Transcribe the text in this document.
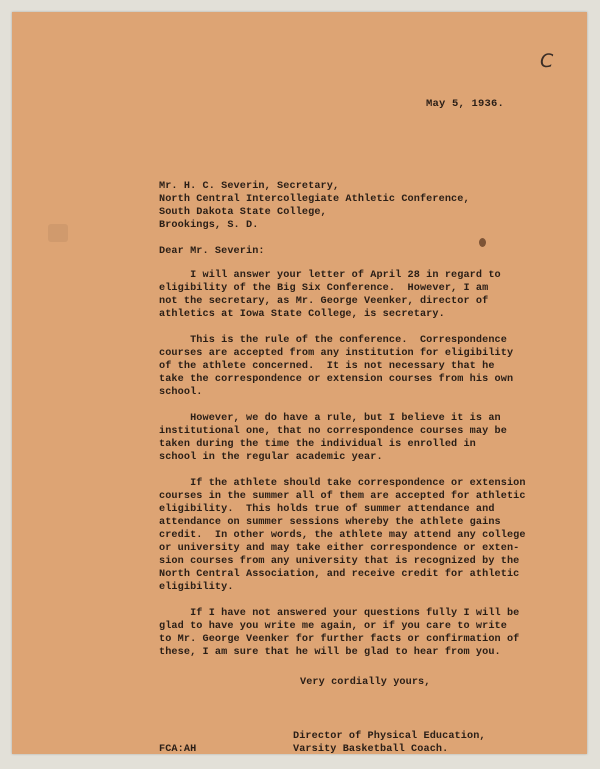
C
May 5, 1936.
Mr. H. C. Severin, Secretary,
North Central Intercollegiate Athletic Conference,
South Dakota State College,
Brookings, S. D.
Dear Mr. Severin:
I will answer your letter of April 28 in regard to
eligibility of the Big Six Conference.  However, I am
not the secretary, as Mr. George Veenker, director of
athletics at Iowa State College, is secretary.
This is the rule of the conference.  Correspondence
courses are accepted from any institution for eligibility
of the athlete concerned.  It is not necessary that he
take the correspondence or extension courses from his own
school.
However, we do have a rule, but I believe it is an
institutional one, that no correspondence courses may be
taken during the time the individual is enrolled in
school in the regular academic year.
If the athlete should take correspondence or extension
courses in the summer all of them are accepted for athletic
eligibility.  This holds true of summer attendance and
attendance on summer sessions whereby the athlete gains
credit.  In other words, the athlete may attend any college
or university and may take either correspondence or exten-
sion courses from any university that is recognized by the
North Central Association, and receive credit for athletic
eligibility.
If I have not answered your questions fully I will be
glad to have you write me again, or if you care to write
to Mr. George Veenker for further facts or confirmation of
these, I am sure that he will be glad to hear from you.
Very cordially yours,
Director of Physical Education,
Varsity Basketball Coach.
FCA:AH
